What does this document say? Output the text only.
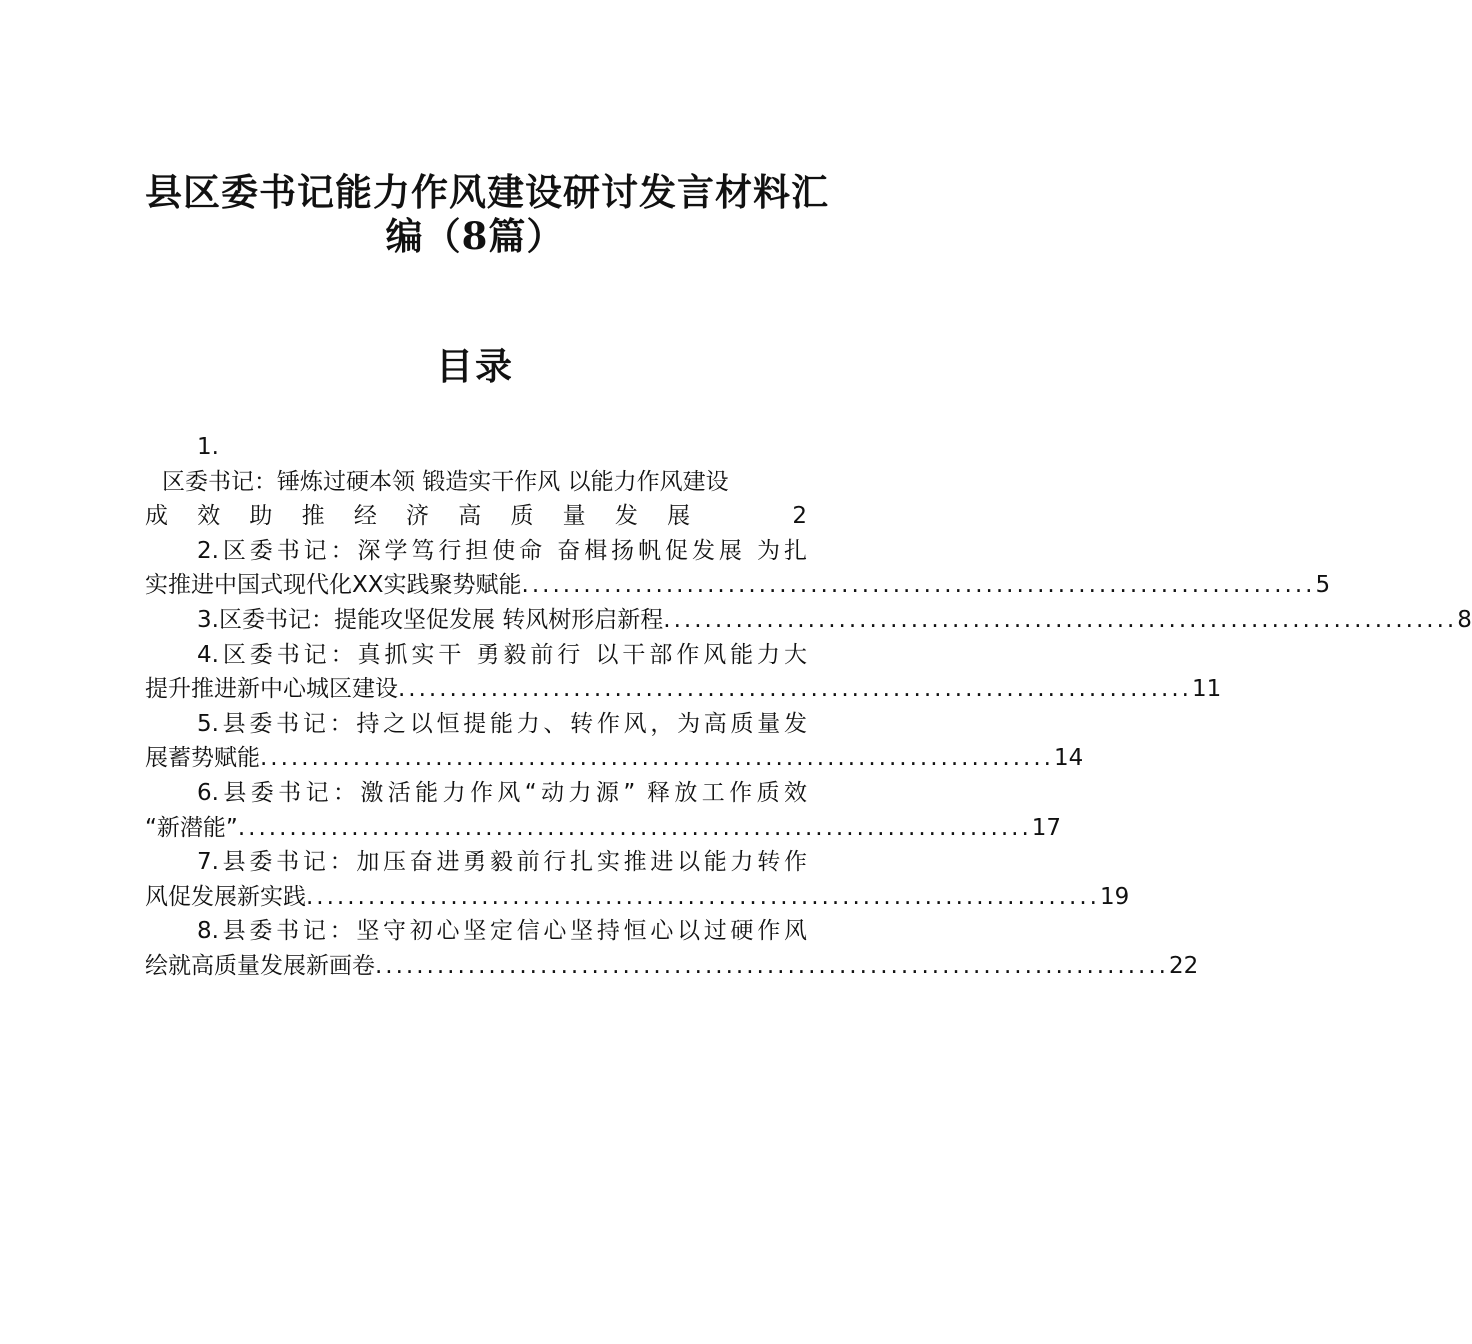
县区委书记能力作风建设研讨发言材料汇
编（8篇）
目录
1.
区委书记：锤炼过硬本领 锻造实干作风 以能力作风建设
成效助推经济高质量发展	2
2.区委书记：深学笃行担使命 奋楫扬帆促发展 为扎
实推进中国式现代化XX实践聚势赋能 ............................................................................. 5
3.区委书记：提能攻坚促发展 转风树形启新程 ............................................................................. 8
4.区委书记：真抓实干 勇毅前行 以干部作风能力大
提升推进新中心城区建设 ............................................................................. 11
5.县委书记：持之以恒提能力、转作风，为高质量发
展蓄势赋能 ............................................................................. 14
6.县委书记：激活能力作风“动力源” 释放工作质效
“新潜能” ............................................................................. 17
7.县委书记：加压奋进勇毅前行扎实推进以能力转作
风促发展新实践 ............................................................................. 19
8.县委书记：坚守初心坚定信心坚持恒心以过硬作风
绘就高质量发展新画卷 ............................................................................. 22
